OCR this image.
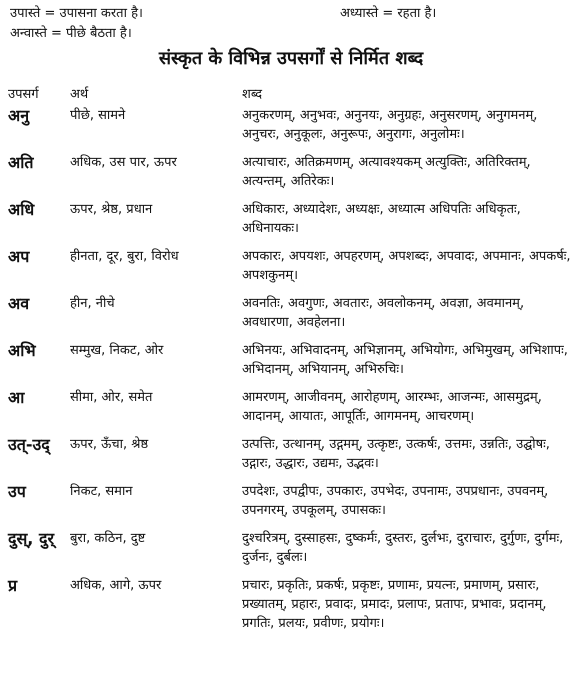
उपास्ते = उपासना करता है।
अन्वास्ते = पीछे बैठता है।
अध्यास्ते = रहता है।
संस्कृत के विभिन्न उपसर्गों से निर्मित शब्द
उपसर्ग	अर्थ	शब्द
अनु	पीछे, सामने	अनुकरणम्, अनुभवः, अनुनयः, अनुग्रहः, अनुसरणम्, अनुगमनम्, अनुचरः, अनुकूलः, अनुरूपः, अनुरागः, अनुलोमः।
अति	अधिक, उस पार, ऊपर	अत्याचारः, अतिक्रमणम्, अत्यावश्यकम् अत्युक्तिः, अतिरिक्तम्, अत्यन्तम्, अतिरेकः।
अधि	ऊपर, श्रेष्ठ, प्रधान	अधिकारः, अध्यादेशः, अध्यक्षः, अध्यात्म अधिपतिः अधिकृतः, अधिनायकः।
अप	हीनता, दूर, बुरा, विरोध	अपकारः, अपयशः, अपहरणम्, अपशब्दः, अपवादः, अपमानः, अपकर्षः, अपशकुनम्।
अव	हीन, नीचे	अवनतिः, अवगुणः, अवतारः, अवलोकनम्, अवज्ञा, अवमानम्, अवधारणा, अवहेलना।
अभि	सम्मुख, निकट, ओर	अभिनयः, अभिवादनम्, अभिज्ञानम्, अभियोगः, अभिमुखम्, अभिशापः, अभिदानम्, अभियानम्, अभिरुचिः।
आ	सीमा, ओर, समेत	आमरणम्, आजीवनम्, आरोहणम्, आरम्भः, आजन्मः, आसमुद्रम्, आदानम्, आयातः, आपूर्तिः, आगमनम्, आचरणम्।
उत्-उद्	ऊपर, ऊँचा, श्रेष्ठ	उत्पत्तिः, उत्थानम्, उद्गमम्, उत्कृष्टः, उत्कर्षः, उत्तमः, उन्नतिः, उद्घोषः, उद्गारः, उद्धारः, उद्यमः, उद्भवः।
उप	निकट, समान	उपदेशः, उपद्वीपः, उपकारः, उपभेदः, उपनामः, उपप्रधानः, उपवनम्, उपनगरम्, उपकूलम्, उपासकः।
दुस्, दुर्	बुरा, कठिन, दुष्ट	दुश्चरित्रम्, दुस्साहसः, दुष्कर्मः, दुस्तरः, दुर्लभः, दुराचारः, दुर्गुणः, दुर्गमः, दुर्जनः, दुर्बलः।
प्र	अधिक, आगे, ऊपर	प्रचारः, प्रकृतिः, प्रकर्षः, प्रकृष्टः, प्रणामः, प्रयत्नः, प्रमाणम्, प्रसारः, प्रख्यातम्, प्रहारः, प्रवादः, प्रमादः, प्रलापः, प्रतापः, प्रभावः, प्रदानम्, प्रगतिः, प्रलयः, प्रवीणः, प्रयोगः।
